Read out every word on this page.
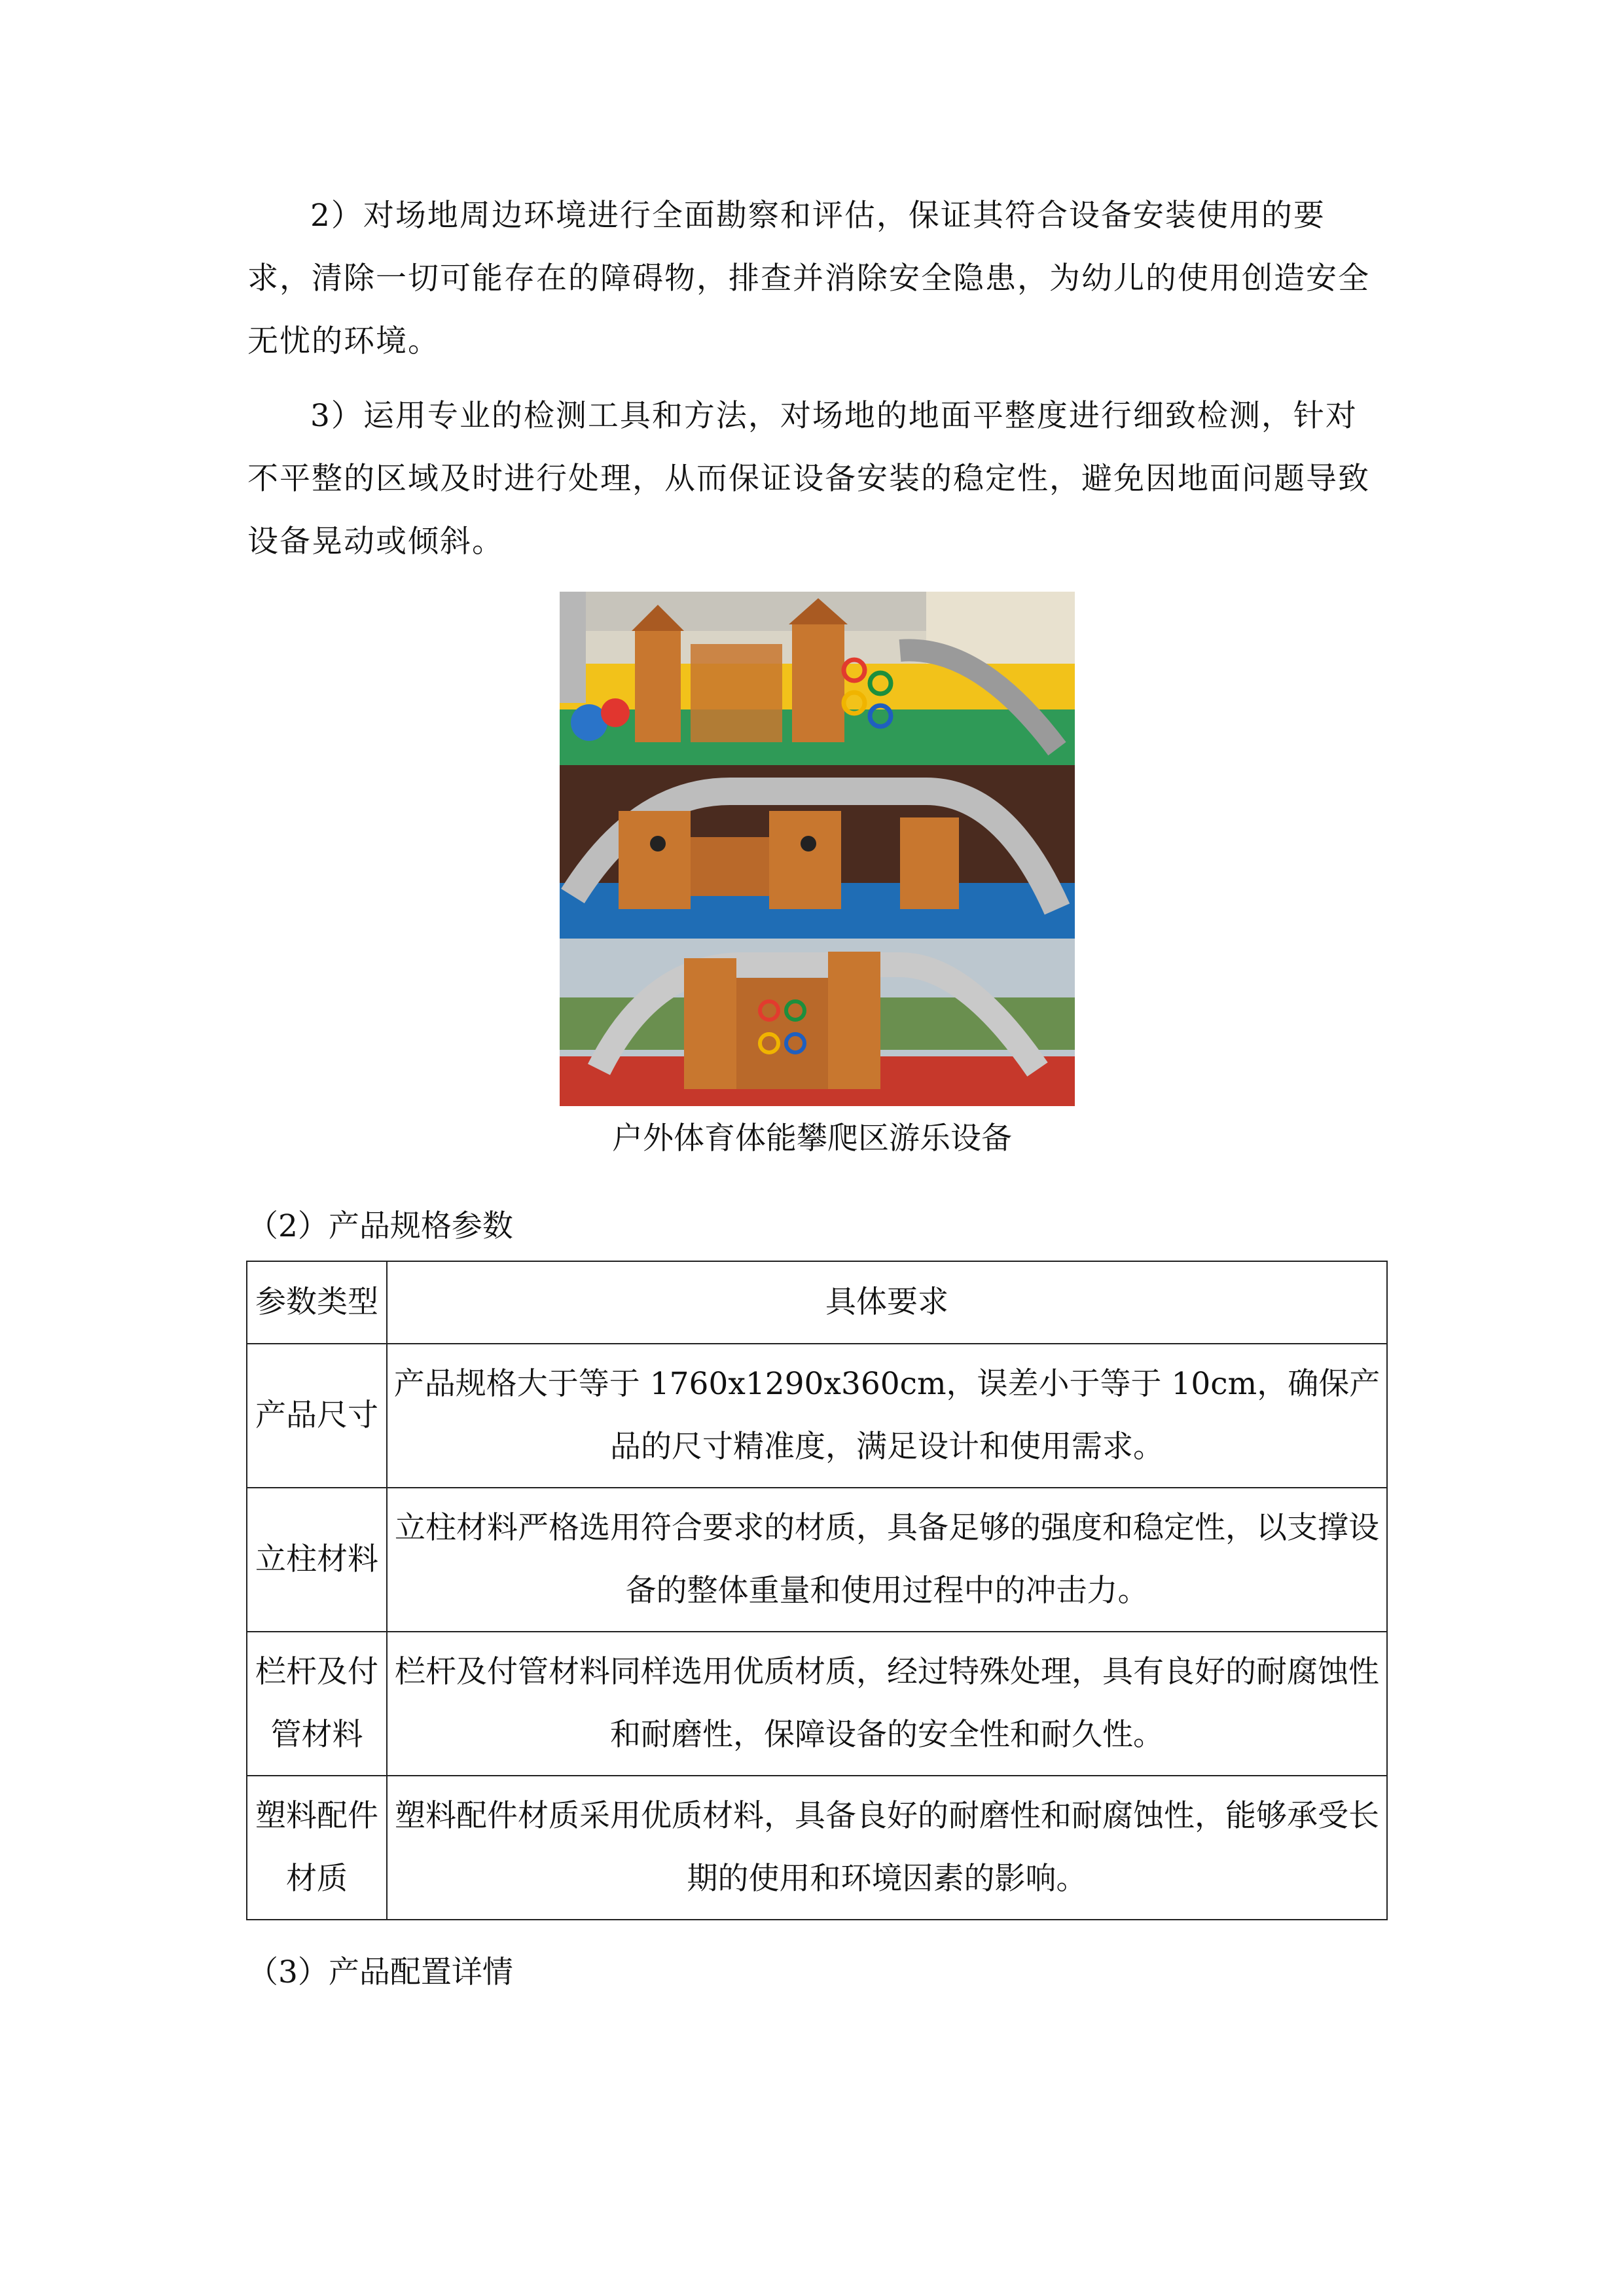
2）对场地周边环境进行全面勘察和评估，保证其符合设备安装使用的要求，清除一切可能存在的障碍物，排查并消除安全隐患，为幼儿的使用创造安全无忧的环境。

3）运用专业的检测工具和方法，对场地的地面平整度进行细致检测，针对不平整的区域及时进行处理，从而保证设备安装的稳定性，避免因地面问题导致设备晃动或倾斜。

户外体育体能攀爬区游乐设备

（2）产品规格参数

参数类型	具体要求
产品尺寸	产品规格大于等于 1760x1290x360cm，误差小于等于 10cm，确保产品的尺寸精准度，满足设计和使用需求。
立柱材料	立柱材料严格选用符合要求的材质，具备足够的强度和稳定性，以支撑设备的整体重量和使用过程中的冲击力。
栏杆及付管材料	栏杆及付管材料同样选用优质材质，经过特殊处理，具有良好的耐腐蚀性和耐磨性，保障设备的安全性和耐久性。
塑料配件材质	塑料配件材质采用优质材料，具备良好的耐磨性和耐腐蚀性，能够承受长期的使用和环境因素的影响。

（3）产品配置详情
